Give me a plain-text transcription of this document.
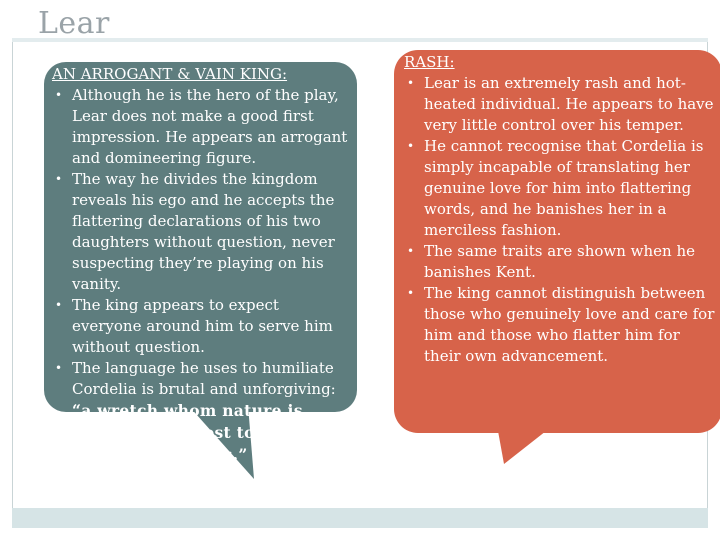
Lear
AN ARROGANT & VAIN KING:
• Although he is the hero of the play, Lear does not make a good first impression. He appears an arrogant and domineering figure.
• The way he divides the kingdom reveals his ego and he accepts the flattering declarations of his two daughters without question, never suspecting they’re playing on his vanity.
• The king appears to expect everyone around him to serve him without question.
• The language he uses to humiliate Cordelia is brutal and unforgiving:
“a wretch whom nature is ashamed / Almost to acknowledge hers.”
RASH:
• Lear is an extremely rash and hot-heated individual. He appears to have very little control over his temper.
• He cannot recognise that Cordelia is simply incapable of translating her genuine love for him into flattering words, and he banishes her in a merciless fashion.
• The same traits are shown when he banishes Kent.
• The king cannot distinguish between those who genuinely love and care for him and those who flatter him for their own advancement.
